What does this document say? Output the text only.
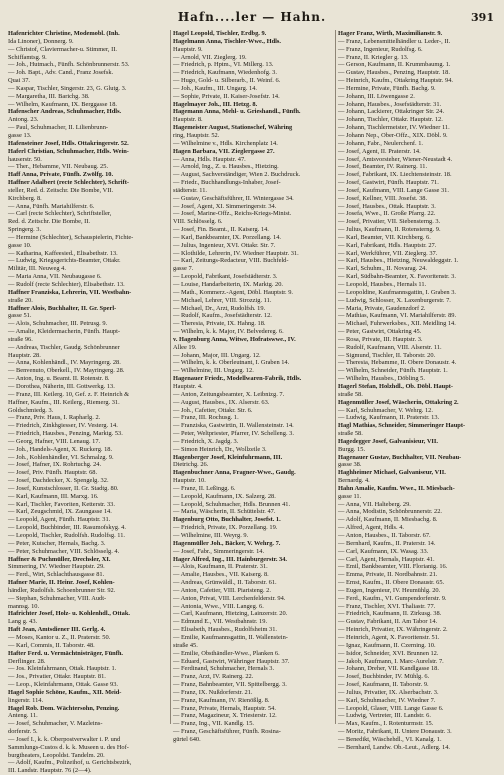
Hafn....ler — Hahn.	391
Hafenrichter Christine, Modemobl. (Inh.
Ida Linoner), Donnerg. 9.
— Christof, Claviermacher-u. Stimmer, II.
Schiffamtsg. 9.
— Joh., Hutmach., Fünfh. Schönbrunnerstr. 53.
— Joh. Bapt., Adv. Cand., Franz Josefsk.
Quai 37.
— Kaspar, Tischler, Singerstr. 23, G. Glutg. 3.
— Margaretha, III. Barichg. 38.
— Wilhelm, Kaufmann, IX. Berggasse 18.
Hafenscher Andreas, Schuhmacher, Hdls.
Antong. 23.
— Paul, Schuhmacher, II. Lilienbrunn-
gasse 13.
Hafensteiner Josef, Hdls. Ottakringerstr. 52.
Haferl Christian, Schuhmacher, Hdls. Wein-
hauserstr. 50.
— Ther., Hebamme, VII. Neubaug. 25.
Haff Anna, Private, Fünfh. Zwölfg. 10.
Haffner Adalbert (recte Schlechter), Schrift-
steller, Red. d. Zeitschr. Die Bombe, VII.
Kirchberg. 8.
— Anna, Fünfh. Mariahilferstr. 6.
— Carl (recte Schlechter), Schriftsteller,
Red. d. Zeitschr. Die Bombe, II.
Springerg. 3.
— Hermine (Schlechter), Schauspielerin, Fichte-
gasse 10.
— Katharina, Kaffeesied., Elisabethstr. 13.
— Ludwig, Kriegsgerichts-Beamter, Ottakr.
Militär, III. Neuweg 4.
— Maria Anna, VII. Neubaugasse 6.
— Rudolf (recte Schlechter), Elisabethstr. 13.
Haffner Franziska, Lehrerin, VII. Westbahn-
straße 20.
Haffner Alois, Buchhalter, II. Gr. Sperl-
gasse 51.
— Alois, Schuhmacher, III. Petrusg. 9.
— Amalie, Kleidermacherin, Fünfh. Haupt-
straße 96.
— Andreas, Tischler, Gaudg. Schönbrunner
Hauptstr. 28.
— Anna, Kohlenhändl., IV. Mayringerg. 28.
— Benvenuto, Oberkell., IV. Mayringerg. 28.
— Anton, Ing. u. Beamt. II. Rotenstr. 8.
— Dorothea, Näherin, III. Gottwerkg. 13.
— Franz, III. Keilerg. 10, Gef. z. F. Heinrich &
Haffner, Kaufm., III. Keilerg., Riemerg. 31.
Goldschmiedg. 3.
— Franz, Priv. Haus, I. Rapharlg. 2.
— Friedrich, Zinkhgiesser, IV. Vesterg. 14.
— Friedrich, Hausbes., Penzing, Marktg. 53.
— Georg, Hafner, VIII. Lenaug. 17.
— Joh., Handels-Agent, X. Ruckerg. 18.
— Joh., Kohlenhändler, VI. Schmalzg. 9.
— Josef, Hafner, IX. Rohrtuchg. 24.
— Josef, Priv. Fünfh. Hauptstr. 68.
— Josef, Dachdecker, X. Spengelg. 32.
— Josef, Kunstschlosser, II. Gr. Stadtg. 80.
— Karl, Kaufmann, III. Marxg. 16.
— Karl, Tischler, Favoriten, Ketterstr. 33.
— Karl, Zeugschmid, IX. Zaungasse 14.
— Leopold, Agent, Fünfh. Hauptstr. 31.
— Leopold, Buchbinder, III. Rasumofskyg. 4.
— Leopold, Tischler, Rudolfsh. Rudolfsg. 11.
— Peter, Kutscher, Hernals, Bachg. 3.
— Peter, Schuhmacher, VIII. Schlösselg. 4.
Haffner & Puchmüller, Drechsler, XI.
Simmering, IV. Wiedner Hauptstr. 29.
— Ferd., Wirt, Schlachthausgasse 81.
Hafner Marie, II. Heinr. Josef, Kohlen-
händler, Rudolfsh. Schoenbrunner Str. 92.
— Stephan, Schuhmacher, VIII. Audt-
mannsg. 10.
Hafrichter Josef, Holz- u. Kohlenhdl., Ottak.
Lang g. 43.
Haft Jean, Amtsdiener III. Gerlg. 4.
— Moses, Kantor u. Z., II. Praterstr. 50.
— Karl, Commis, II. Taborstr. 48.
Hafter Ferd. u. Vermächtnisträger, Fünfh.
Derflinger. 28.
— Jos. Kleinfahrmann, Ottak. Hauptstr. 1.
— Jos., Privatier, Ottakr. Hauptstr. 81.
— Leop., Kleinfahrmann, Ottak. Gasse 93.
Hagel Sophie Schöne, Kaufm., XII. Meid-
lingerstr. 114.
Hagel Rob. Dom. Wächtersohn, Penzing.
Anteng. 11.
— Josef, Schuhmacher, V. Mazleins-
dorferstr. 5.
— Josef I., k. k. Oberpostverwalter i. P. und
Sammlungs-Custos d. k. k. Museen u. des Hof-
burgtheaters, Leopoldst. Tandelm. 20.
— Adolf, Kaufm., Polizeihof, u. Gerichtsbezirk,
III. Landstr. Hauptstr. 76 (2—4).
Hagel Leopold, Tischler, Erdbg. 9.
Hagelmann Anna, Tischler-Wwe., Hdls.
Hauptstr. 9.
— Arnold, VII. Zieglerg. 19.
— Friedrich, p. Hptm., VI. Millerg. 13.
— Friedrich, Kaufmann, Wiedenhofg. 3.
— Hugo, Gold- u. Silberarb., II. Weinf. 6.
— Joh., Kaufm., III. Ungarg. 14.
— Sophie, Private, II. Kaiser-Josefstr. 14.
Hagelmayer Joh., III. Hetzg. 8.
Hagemann Anna, Mehl- u. Grieshandl., Fünfh.
Hauptstr. 8.
Hagemeister August, Stationschef, Währing
ring, Hauptstr. 52.
— Wilhelmine v., Hdls. Kirchenplatz 14.
Hagen Barbara, VII. Zieglergasse 27.
— Anna, Hdls. Hauptstr. 47.
— Arnold, Ing., Z. u. Hausbes., Hietzing.
— August, Sachverständiger, Wien 2. Buchdruck.
— Friedr., Buchhandlungs-Inhaber, Josef-
städterstr. 11.
— Gustav, Geschäftsführer, II. Wintergasse 34.
— Josef, Agent, XI. Simmeringerstr. 34.
— Josef, Marine-Offz., Reichs-Kriegs-Minist.
VIII. Schlösselg. 6.
— Josef, Fin. Beamt., II. Kaiserg. 14.
— Karl, Bankbeamter, IX. Porzellang. 14.
— Julius, Ingenieur, XVI. Ottakr. Str. 7.
— Klothilde, Lehrerin, IV. Wiedner Hauptstr. 31.
— Karl, Zeitungs-Redacteur, VIII. Buchfeld-
gasse 7.
— Leopold, Fabrikant, Josefstädterstr. 3.
— Louise, Handarbeiterin, IX. Marktg. 20.
— Math., Kommerz.-Agent, Döbl. Hauptstr. 9.
— Michael, Lehrer, VIII. Strozzig. 11.
— Michael, Dr., Arzt, Rudolfsh. 19.
— Rudolf, Kaufm., Josefstädterstr. 12.
— Theresia, Private, IX. Hahng. 18.
— Wilhelm, k. k. Major, IV. Belvedereg. 6.
v. Hagenburg Anna, Witwe, Hofratswwe., IV.
Allee 19.
— Johann, Major, III. Ungarg. 12.
— Wilhelm, k. k. Oberleutnant, I. Graben 14.
— Wilhelmine, III. Ungarg. 12.
Hagenauer Friedr., Modellwaren-Fabrik, Hdls.
Hauptstr. 4.
— Anton, Zeitungsbeamter, X. Leibnizg. 7.
— August, Hausbes., IX. Alserstr. 63.
— Joh., Cafetier, Ottakr. Str. 6.
— Franz, III. Rochusg. 1.
— Franziska, Gastwirtin, II. Wallensteinstr. 14.
— Peter, Weltpriester, Pfarrer, IV. Schelleng. 3.
— Friedrich, X. Jagdg. 3.
— Simon Heinrich, Dr., Wollzeile 3.
Hagenberger Josef, Kleinfuhrmann, III.
Dietrichg. 26.
Hagenbuchner Anna, Fragner-Wwe., Gaudg.
Hauptstr. 10.
— Franz, II. Leßingg. 6.
— Leopold, Kaufmann, IX. Salzerg. 28.
— Leopold, Schuhmacher, Hdls. Brunnen 41.
— Maria, Wäscherin, II. Schüttelstr. 47.
Hagenburg Otto, Buchhalter, Josefst. 1.
— Friedrich, Private, IX. Porzellang. 19.
— Wilhelmine, III. Weyrg. 9.
Hagenmüller Joh., Bäcker, V. Wehrg. 7.
— Josef, Fabr., Simmeringerstr. 14.
Hager Alfred, Ing., III. Hainburgerstr. 34.
— Alois, Kaufmann, II. Praterstr. 31.
— Amalie, Hausbes., VII. Kaiserg. 8.
— Andreas, Grünwäldl., II. Taborstr. 61.
— Anton, Cafetier, VIII. Piaristeng. 2.
— Anton, Privat, VIII. Lerchenfelderstr. 94.
— Antonia, Wwe., VIII. Langeg. 6.
— Carl, Kaufmann, Hietzing, Lainzerstr. 20.
— Edmund E., VII. Westbahnstr. 19.
— Elisabeth, Hausbes., Rudolfsheim 31.
— Emilie, Kaufmannsgattin, II. Wallenstein-
straße 45.
— Emilie, Obsthändler-Wwe., Planken 6.
— Eduard, Gastwirt, Währinger Hauptstr. 37.
— Ferdinand, Schuhmacher, Hernals 3.
— Franz, Arzt, IV. Rainerg. 22.
— Franz, Bahnbeamter, VII. Spittelbergg. 3.
— Franz, IX. Nußdorferstr. 21.
— Franz, Kaufmann, IV. Rienößlg. 8.
— Franz, Private, Hernals, Hauptstr. 54.
— Franz, Magazineur, X. Triesterstr. 12.
— Franz, Ing., VII. Kandlg. 15.
— Franz, Geschäftsführer, Fünfh. Rosina-
gürtel 640.
Hager Franz, Wirth, Maximilianstr. 9.
— Franz, Lebensmittelhändler u. Leder-, II.
— Franz, Ingenieur, Rudolfsg. 6.
— Franz, II. Kriegler g. 13.
— Gerson, Kaufmann, II. Krummbaumg. 1.
— Gustav, Hausbes., Penzing, Hauptstr. 18.
— Heinrich, Kaufm., Ottakring Hauptstr. 94.
— Hermine, Private, Fünfh. Bachg. 9.
— Johann, III. Löwengasse 2.
— Johann, Hausbes., Josefstädterstr. 31.
— Johann, Lackierer, Ottakringer Str. 24.
— Johann, Tischler, Ottakr. Hauptstr. 12.
— Johann, Tischlermeister, IV. Wiedner 11.
— Johann Nep., Ober-Offz., XIX. Döbl. 9.
— Johann, Fabr., Neulerchenf. 1.
— Josef, Agent, II. Praterstr. 14.
— Josef, Amtsvorsteher, Wiener-Neustadt 4.
— Josef, Beamter, IV. Rainerg. 11.
— Josef, Fabrikant, IX. Liechtensteinstr. 18.
— Josef, Gastwirt, Fünfh. Hauptstr. 71.
— Josef, Kaufmann, VIII. Lange Gasse 31.
— Josef, Kellner, VIII. Josefst. 38.
— Josef, Hausbes., Ottak. Hauptstr. 3.
— Josefa, Wwe., II. Große Pfarrg. 22.
— Josef, Privatier, VII. Siebensterng. 3.
— Julius, Kaufmann, II. Rotensterng. 9.
— Karl, Beamter, VII. Kirchberg. 6.
— Karl, Fabrikant, Hdls. Hauptstr. 27.
— Karl, Werkführer, VII. Zieglerg. 37.
— Karl, Hausbes., Hietzing, Neuwaldeggstr. 1.
— Karl, Schuhm., II. Novarag. 24.
— Karl, Südbahn-Beamter, X. Favoritenstr. 3.
— Leopold, Hausbes., Hernals 11.
— Leopoldine, Kaufmannsgattin, I. Graben 3.
— Ludwig, Schlosser, X. Laxenburgerstr. 7.
— Maria, Private, Gaudenzdorf 2.
— Mathias, Kaufmann, VI. Mariahilferstr. 89.
— Michael, Fuhrwerksbes., XII. Meidling 14.
— Peter, Gastwirt, Ottakring 45.
— Rosa, Private, III. Hauptstr. 3.
— Rudolf, Kaufmann, VIII. Alserstr. 11.
— Sigmund, Tischler, II. Taborstr. 20.
— Theresia, Hebamme, II. Obere Donaustr. 4.
— Wilhelm, Schneider, Fünfh. Hauptstr. 1.
— Wilhelm, Hausbes., Döbling 5.
Hagerl Stefan, Holzhdl., Ob. Döbl. Haupt-
straße 58.
Hagenmüller Josef, Wäscherin, Ottakring 2.
— Karl, Schuhmacher, V. Wehrg. 12.
— Ludwig, Kaufmann, II. Praterstr. 13.
Hagl Mathias, Schneider, Simmeringer Haupt-
straße 58.
Hagedegger Josef, Galvanisieur, VII.
Burgg. 15.
Hagenauer Gustav, Buchhalter, VII. Neubau-
gasse 38.
Haghheimer Michael, Galvaniseur, VII.
Bernardg. 4.
Hahn Amalie, Kaufm. Wwe., II. Miesbach-
gasse 11.
— Anna, VII. Halteberg. 29.
— Anna, Modistin, Schönbrunnerstr. 22.
— Adolf, Kaufmann, II. Miesbachg. 8.
— Alfred, Agent, Hdls. 4.
— Anton, Hausbes., II. Taborstr. 67.
— Bernhard, Kaufm., II. Praterstr. 14.
— Carl, Kaufmann, IX. Wasag. 33.
— Carl, Agent, Hernals, Hauptstr. 41.
— Emil, Bankbeamter, VIII. Florianig. 16.
— Emma, Private, II. Nordbahnstr. 21.
— Ernst, Kaufm., II. Obere Donaustr. 65.
— Eugen, Ingenieur, IV. Heumühlg. 20.
— Ferd., Kaufm., VI. Gumpendorferstr. 9.
— Franz, Tischler, XVI. Thaliastr. 77.
— Friedrich, Kaufmann, II. Zirkusg. 38.
— Gustav, Fabrikant, II. Am Tabor 14.
— Heinrich, Privatier, IX. Währingerstr. 2.
— Heinrich, Agent, X. Favoritenstr. 51.
— Ignaz, Kaufmann, II. Czerning. 10.
— Isidor, Schneider, XVI. Brunnen 12.
— Jakob, Kaufmann, I. Marc-Aurelstr. 7.
— Johann, Dreher, VII. Kandlgasse 18.
— Josef, Buchbinder, IV. Mühlg. 6.
— Josef, Kaufmann, II. Taborstr. 9.
— Julius, Privatier, IX. Alserbachstr. 3.
— Karl, Schuhmacher, IV. Wiedner 7.
— Leopold, Glaser, VIII. Lange Gasse 6.
— Ludwig, Vertreter, III. Landstr. 6.
— Max, Kaufm., I. Rotenturmstr. 15.
— Moritz, Fabrikant, II. Untere Donaustr. 3.
— Benedikt, Wäschehdl., VI. Kanalg. 1.
— Bernhard, Landw. Ob.-Leut., Adlerg. 14.
